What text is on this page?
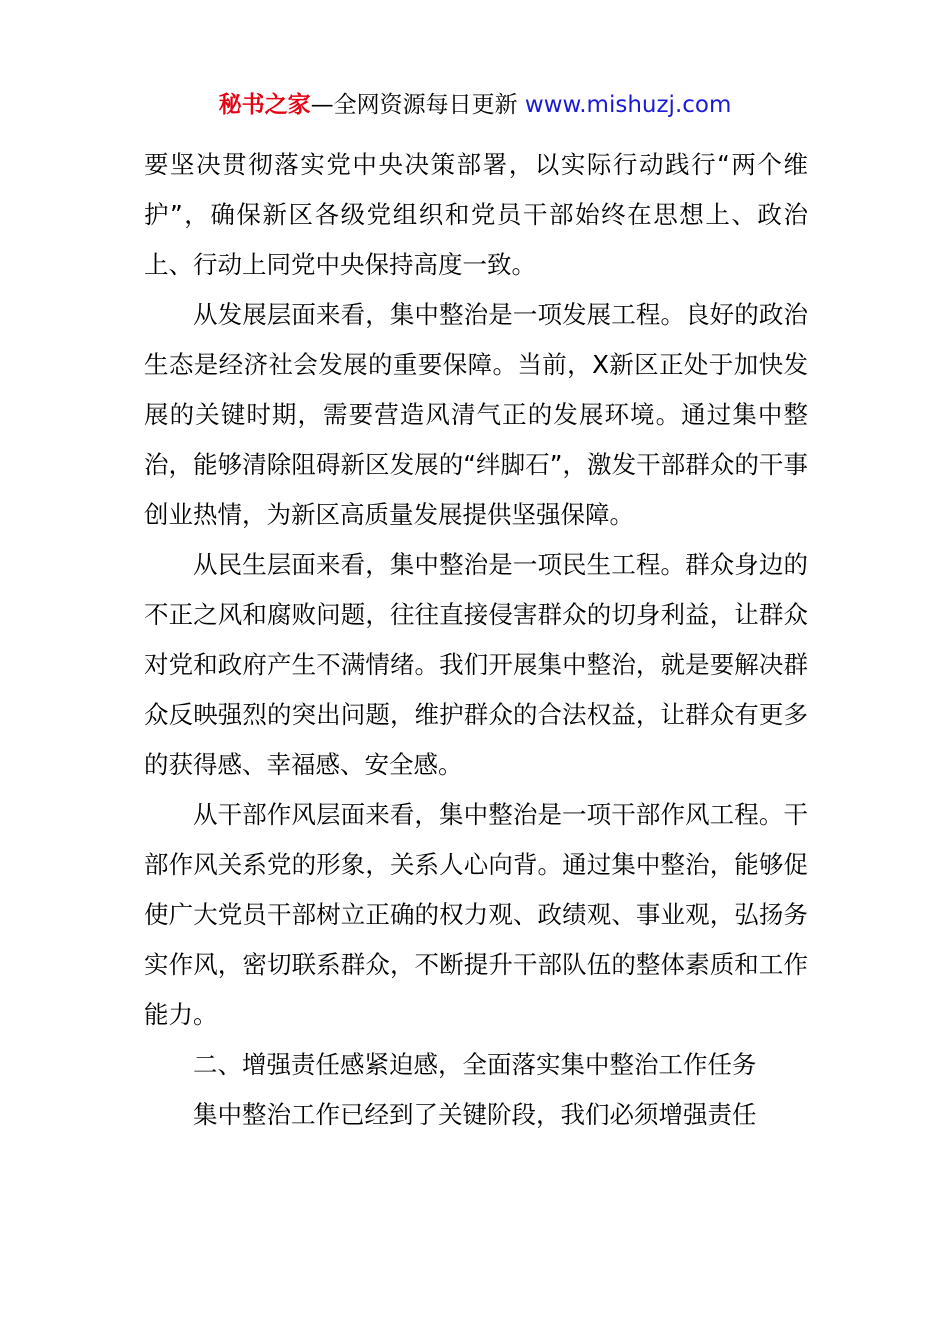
秘书之家—全网资源每日更新 www.mishuzj.com

要坚决贯彻落实党中央决策部署，以实际行动践行“两个维护”，确保新区各级党组织和党员干部始终在思想上、政治上、行动上同党中央保持高度一致。

从发展层面来看，集中整治是一项发展工程。良好的政治生态是经济社会发展的重要保障。当前，X新区正处于加快发展的关键时期，需要营造风清气正的发展环境。通过集中整治，能够清除阻碍新区发展的“绊脚石”，激发干部群众的干事创业热情，为新区高质量发展提供坚强保障。

从民生层面来看，集中整治是一项民生工程。群众身边的不正之风和腐败问题，往往直接侵害群众的切身利益，让群众对党和政府产生不满情绪。我们开展集中整治，就是要解决群众反映强烈的突出问题，维护群众的合法权益，让群众有更多的获得感、幸福感、安全感。

从干部作风层面来看，集中整治是一项干部作风工程。干部作风关系党的形象，关系人心向背。通过集中整治，能够促使广大党员干部树立正确的权力观、政绩观、事业观，弘扬务实作风，密切联系群众，不断提升干部队伍的整体素质和工作能力。

二、增强责任感紧迫感，全面落实集中整治工作任务

集中整治工作已经到了关键阶段，我们必须增强责任
